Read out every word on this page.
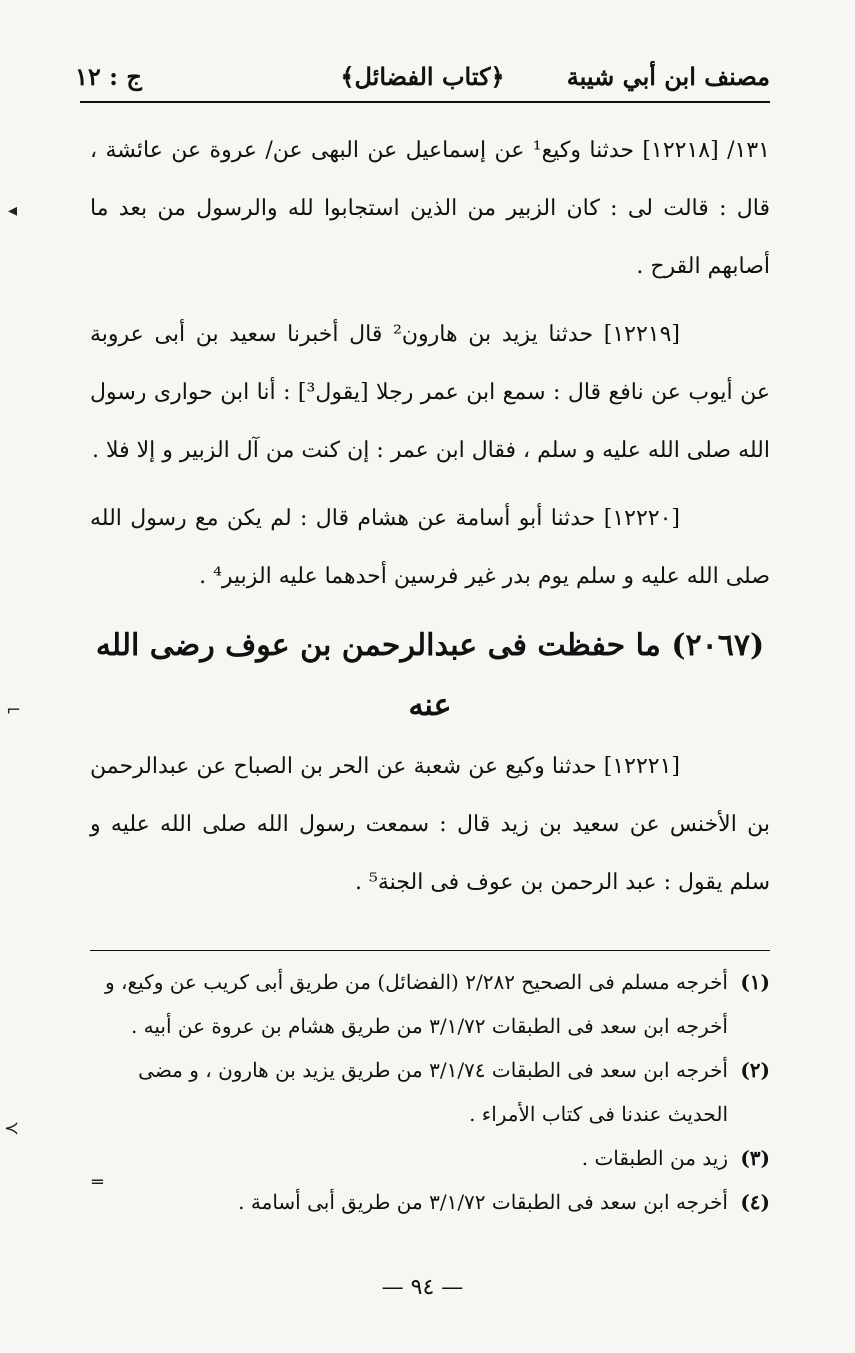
مصنف ابن أبي شيبة
﴿كتاب الفضائل﴾
ج : ١٢

١٣١/ [١٢٢١٨] حدثنا وكيع¹ عن إسماعيل عن البهى عن/ عروة عن عائشة ، قال : قالت لى : كان الزبير من الذين استجابوا لله والرسول من بعد ما أصابهم القرح .

[١٢٢١٩] حدثنا يزيد بن هارون² قال أخبرنا سعيد بن أبى عروبة عن أيوب عن نافع قال : سمع ابن عمر رجلا [يقول³] : أنا ابن حوارى رسول الله صلى الله عليه و سلم ، فقال ابن عمر : إن كنت من آل الزبير و إلا فلا .

[١٢٢٢٠] حدثنا أبو أسامة عن هشام قال : لم يكن مع رسول الله صلى الله عليه و سلم يوم بدر غير فرسين أحدهما عليه الزبير⁴ .

(٢٠٦٧) ما حفظت فى عبدالرحمن بن عوف رضى الله عنه

[١٢٢٢١] حدثنا وكيع عن شعبة عن الحر بن الصباح عن عبدالرحمن بن الأخنس عن سعيد بن زيد قال : سمعت رسول الله صلى الله عليه و سلم يقول : عبد الرحمن بن عوف فى الجنة⁵ .

(١)
أخرجه مسلم فى الصحيح ٢/٢٨٢ (الفضائل) من طريق أبى كريب عن وكيع، و أخرجه ابن سعد فى الطبقات ٣/١/٧٢ من طريق هشام بن عروة عن أبيه .
(٢)
أخرجه ابن سعد فى الطبقات ٣/١/٧٤ من طريق يزيد بن هارون ، و مضى الحديث عندنا فى كتاب الأمراء .
(٣)
زيد من الطبقات .
(٤)
أخرجه ابن سعد فى الطبقات ٣/١/٧٢ من طريق أبى أسامة .
— ٩٤ —
◂
⌐
≺
═
